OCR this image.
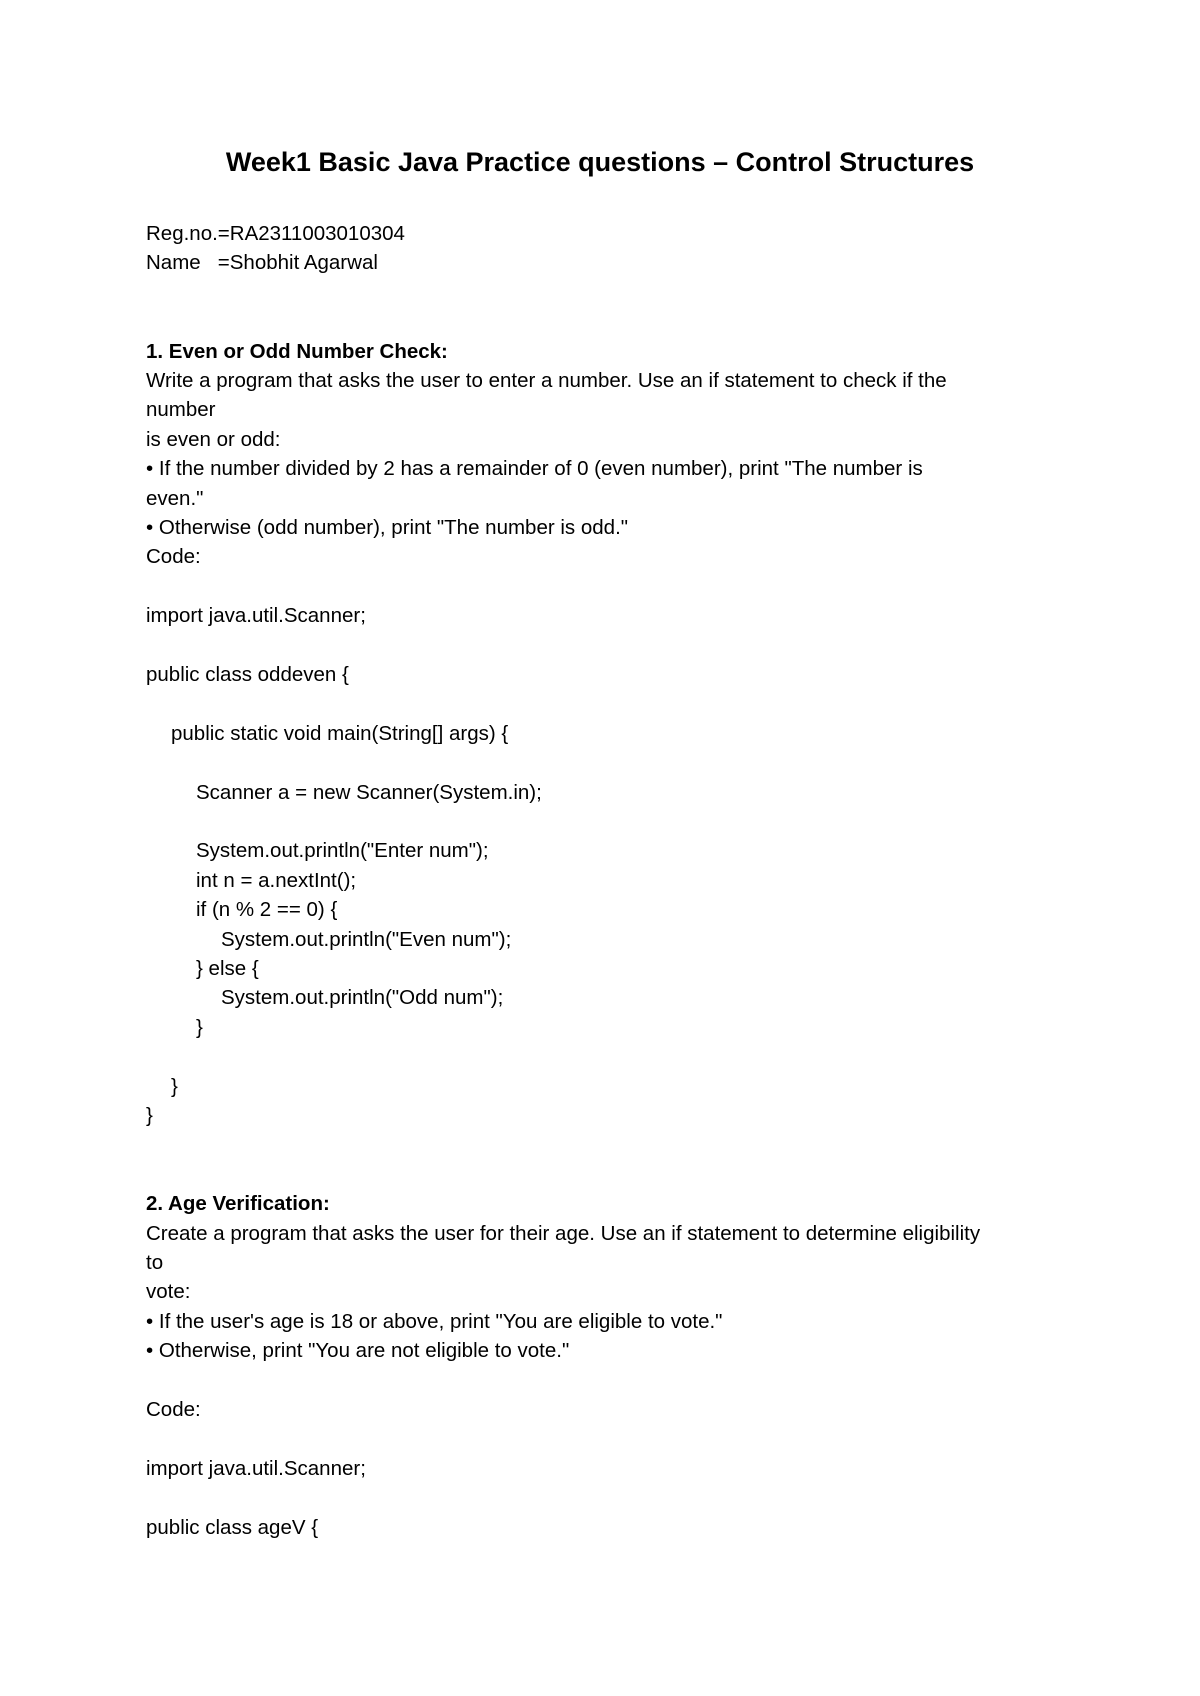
Week1 Basic Java Practice questions – Control Structures
Reg.no.=RA2311003010304
Name   =Shobhit Agarwal
1. Even or Odd Number Check:
Write a program that asks the user to enter a number. Use an if statement to check if the
number
is even or odd:
• If the number divided by 2 has a remainder of 0 (even number), print "The number is
even."
• Otherwise (odd number), print "The number is odd."
Code:
import java.util.Scanner;
public class oddeven {
public static void main(String[] args) {
Scanner a = new Scanner(System.in);
System.out.println("Enter num");
int n = a.nextInt();
if (n % 2 == 0) {
System.out.println("Even num");
} else {
System.out.println("Odd num");
}
}
}
2. Age Verification:
Create a program that asks the user for their age. Use an if statement to determine eligibility
to
vote:
• If the user's age is 18 or above, print "You are eligible to vote."
• Otherwise, print "You are not eligible to vote."
Code:
import java.util.Scanner;
public class ageV {
